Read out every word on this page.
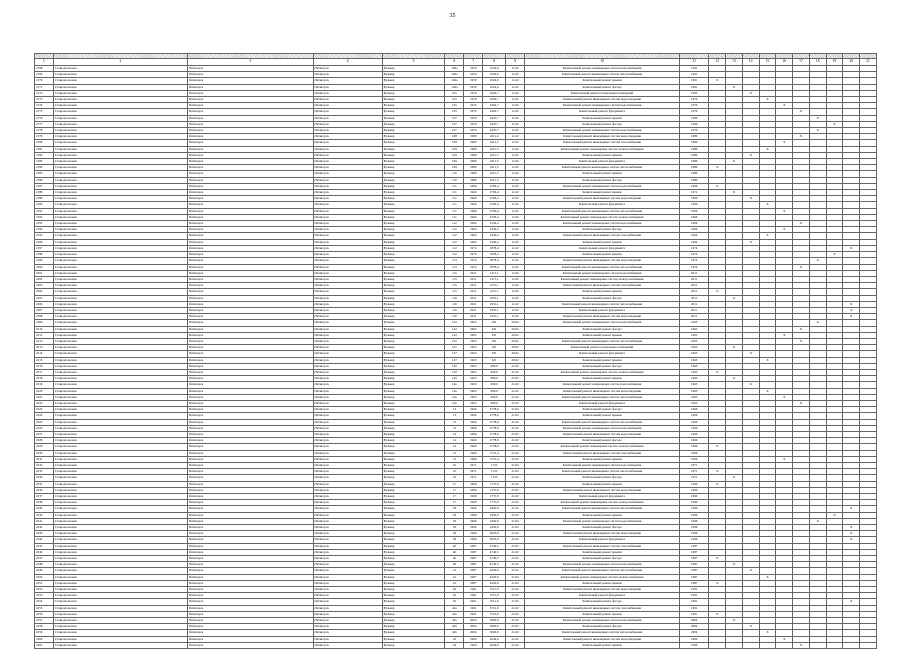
35

1	2	3	4	5	6	7	8	9	10	11	12	13	14	15	16	17	18	19	20	21
2168	Ставропольская	Пятигорск	Пятигорск	Бульвар	104а	1959	1024,6	11.02	Капитальный ремонт инженерных систем водоснабжения	1991										
2169	Ставропольская	Пятигорск	Пятигорск	Бульвар	104а	1959	1024,6	11.02	Капитальный ремонт инженерных систем теплоснабжения	1991										
2170	Ставропольская	Пятигорск	Пятигорск	Бульвар	104а	1959	1024,6	11.02	Капитальный ремонт крыши	1991	X									
2171	Ставропольская	Пятигорск	Пятигорск	Бульвар	104а	1959	1024,6	11.02	Капитальный ремонт фасада	1991		X								
2172	Ставропольская	Пятигорск	Пятигорск	Бульвар	105	1979	2402,7	11.02	Капитальный ремонт подвальных помещений	1995			X							
2173	Ставропольская	Пятигорск	Пятигорск	Бульвар	105	1979	2402,7	11.02	Капитальный ремонт инженерных систем водоотведения	1979				X						
2174	Ставропольская	Пятигорск	Пятигорск	Бульвар	105	1979	2402,7	11.02	Капитальный ремонт инженерных систем водоснабжения	1979					X					
2175	Ставропольская	Пятигорск	Пятигорск	Бульвар	105	1979	2402,7	11.02	Капитальный ремонт фундамента	1979						X				
2176	Ставропольская	Пятигорск	Пятигорск	Бульвар	107	1979	2447,7	11.02	Капитальный ремонт крыши	1996							X			
2177	Ставропольская	Пятигорск	Пятигорск	Бульвар	107	1979	2447,7	11.02	Капитальный ремонт фасада	1996								X		
2178	Ставропольская	Пятигорск	Пятигорск	Бульвар	107	1979	2447,7	11.02	Капитальный ремонт инженерных систем водоснабжения	1979							X			
2179	Ставропольская	Пятигорск	Пятигорск	Бульвар	108	1980	2211,2	11.02	Капитальный ремонт инженерных систем водоотведения	1980						X				
2180	Ставропольская	Пятигорск	Пятигорск	Бульвар	108	1980	2211,2	11.02	Капитальный ремонт инженерных систем газоснабжения	1980					X					
2181	Ставропольская	Пятигорск	Пятигорск	Бульвар	109	1980	2211,5	11.02	Капитальный ремонт инженерных систем электроснабжения	1980				X						
2182	Ставропольская	Пятигорск	Пятигорск	Бульвар	109	1980	2211,5	11.02	Капитальный ремонт крыши	1980			X							
2183	Ставропольская	Пятигорск	Пятигорск	Бульвар	109	1980	2211,5	11.02	Капитальный ремонт фундамента	1980		X								
2184	Ставропольская	Пятигорск	Пятигорск	Бульвар	109	1980	2211,5	11.02	Капитальный ремонт инженерных систем теплоснабжения	1980	X									
2185	Ставропольская	Пятигорск	Пятигорск	Бульвар	110	1980	2211,5	11.02	Капитальный ремонт крыши	1980										
2186	Ставропольская	Пятигорск	Пятигорск	Бульвар	110	1980	2211,5	11.02	Капитальный ремонт фасада	1980										
2187	Ставропольская	Пятигорск	Пятигорск	Бульвар	111	1966	2706,4	11.02	Капитальный ремонт инженерных систем водоснабжения	1966	X									
2188	Ставропольская	Пятигорск	Пятигорск	Бульвар	111	1966	2706,4	11.02	Капитальный ремонт крыши	1971		X								
2189	Ставропольская	Пятигорск	Пятигорск	Бульвар	111	1966	2706,4	11.02	Капитальный ремонт инженерных систем водоотведения	1966			X							
2190	Ставропольская	Пятигорск	Пятигорск	Бульвар	111	1966	2706,4	11.02	Капитальный ремонт фундамента	1966				X						
2191	Ставропольская	Пятигорск	Пятигорск	Бульвар	111	1966	2706,4	11.02	Капитальный ремонт инженерных систем теплоснабжения	1966					X					
2192	Ставропольская	Пятигорск	Пятигорск	Бульвар	111	1966	2706,4	11.02	Капитальный ремонт инженерных систем электроснабжения	1966										
2193	Ставропольская	Пятигорск	Пятигорск	Бульвар	112	1964	2342,2	11.02	Капитальный ремонт инженерных систем водоснабжения	1964						X				
2194	Ставропольская	Пятигорск	Пятигорск	Бульвар	112	1964	2342,2	11.02	Капитальный ремонт фасада	1964					X					
2195	Ставропольская	Пятигорск	Пятигорск	Бульвар	112	1964	2342,2	11.02	Капитальный ремонт инженерных систем газоснабжения	1964				X						
2196	Ставропольская	Пятигорск	Пятигорск	Бульвар	112	1964	2342,2	11.02	Капитальный ремонт крыши	1964			X							
2197	Ставропольская	Пятигорск	Пятигорск	Бульвар	112	1974	1878,4	11.02	Капитальный ремонт фундамента	1974									X	
2198	Ставропольская	Пятигорск	Пятигорск	Бульвар	112	1974	1878,4	11.02	Капитальный ремонт крыши	1974								X		
2199	Ставропольская	Пятигорск	Пятигорск	Бульвар	113	1974	1878,4	11.02	Капитальный ремонт инженерных систем водоотведения	1974							X			
2200	Ставропольская	Пятигорск	Пятигорск	Бульвар	113	1974	1878,4	11.02	Капитальный ремонт инженерных систем теплоснабжения	1974						X				
2201	Ставропольская	Пятигорск	Пятигорск	Бульвар	115	2011	1471,1	11.02	Капитальный ремонт инженерных систем водоснабжения	2011										
2202	Ставропольская	Пятигорск	Пятигорск	Бульвар	115	2011	1471,1	11.02	Капитальный ремонт инженерных систем электроснабжения	2011										
2203	Ставропольская	Пятигорск	Пятигорск	Бульвар	115	2011	1471,1	11.02	Капитальный ремонт инженерных систем газоснабжения	2011										
2204	Ставропольская	Пятигорск	Пятигорск	Бульвар	115	2011	1471,1	11.02	Капитальный ремонт крыши	2011	X									
2205	Ставропольская	Пятигорск	Пятигорск	Бульвар	116	2011	1931,1	11.02	Капитальный ремонт фасада	2011		X								
2206	Ставропольская	Пятигорск	Пятигорск	Бульвар	116	2011	1931,1	11.02	Капитальный ремонт инженерных систем теплоснабжения	2011									X	
2207	Ставропольская	Пятигорск	Пятигорск	Бульвар	116	2011	1931,1	11.02	Капитальный ремонт фундамента	2011									X	
2208	Ставропольская	Пятигорск	Пятигорск	Бульвар	116	2011	1931,1	11.02	Капитальный ремонт инженерных систем водоотведения	2011									X	
2209	Ставропольская	Пятигорск	Пятигорск	Бульвар	122	1965	631	20.02	Капитальный ремонт инженерных систем водоснабжения	1965							X			
2210	Ставропольская	Пятигорск	Пятигорск	Бульвар	122	1965	631	20.02	Капитальный ремонт фасада	1965						X				
2211	Ставропольская	Пятигорск	Пятигорск	Бульвар	122	1965	631	20.02	Капитальный ремонт крыши	1965					X					
2212	Ставропольская	Пятигорск	Пятигорск	Бульвар	122	1965	631	20.02	Капитальный ремонт инженерных систем теплоснабжения	1965						X				
2213	Ставропольская	Пятигорск	Пятигорск	Бульвар	127	1963	631	20.02	Капитальный ремонт подвальных помещений	1963		X								
2214	Ставропольская	Пятигорск	Пятигорск	Бульвар	127	1963	631	20.02	Капитальный ремонт фундамента	1963			X							
2215	Ставропольская	Пятигорск	Пятигорск	Бульвар	127	1963	631	20.02	Капитальный ремонт крыши	1963				X						
2216	Ставропольская	Пятигорск	Пятигорск	Бульвар	12б	1963	600,0	21.02	Капитальный ремонт фасада	1963										
2217	Ставропольская	Пятигорск	Пятигорск	Бульвар	12б	1963	600,0	21.02	Капитальный ремонт инженерных систем электроснабжения	1963	X									
2218	Ставропольская	Пятигорск	Пятигорск	Бульвар	12б	1963	600,0	21.02	Капитальный ремонт крыши	1963		X								
2219	Ставропольская	Пятигорск	Пятигорск	Бульвар	12в	1963	600,0	21.02	Капитальный ремонт инженерных систем водоснабжения	1963			X							
2220	Ставропольская	Пятигорск	Пятигорск	Бульвар	12в	1963	600,0	21.02	Капитальный ремонт инженерных систем водоотведения	1963				X						
2221	Ставропольская	Пятигорск	Пятигорск	Бульвар	12в	1963	600,0	21.02	Капитальный ремонт инженерных систем теплоснабжения	1963					X					
2222	Ставропольская	Пятигорск	Пятигорск	Бульвар	12в	1963	600,0	21.02	Капитальный ремонт фундамента	1963						X				
2223	Ставропольская	Пятигорск	Пятигорск	Бульвар	13	1966	2778,0	21.02	Капитальный ремонт фасада	1966										
2224	Ставропольская	Пятигорск	Пятигорск	Бульвар	13	1966	2778,0	21.02	Капитальный ремонт крыши	1966										
2225	Ставропольская	Пятигорск	Пятигорск	Бульвар	13	1966	2778,0	21.02	Капитальный ремонт инженерных систем теплоснабжения	1966										
2226	Ставропольская	Пятигорск	Пятигорск	Бульвар	14	1966	2778,0	21.02	Капитальный ремонт инженерных систем водоснабжения	1966										
2227	Ставропольская	Пятигорск	Пятигорск	Бульвар	14	1966	2778,0	21.02	Капитальный ремонт инженерных систем водоотведения	1966										
2228	Ставропольская	Пятигорск	Пятигорск	Бульвар	14	1966	2778,0	21.02	Капитальный ремонт фасада	1966										
2229	Ставропольская	Пятигорск	Пятигорск	Бульвар	14	1966	2778,0	21.02	Капитальный ремонт инженерных систем электроснабжения	1966	X									
2230	Ставропольская	Пятигорск	Пятигорск	Бульвар	15	1966	1721,4	21.02	Капитальный ремонт инженерных систем газоснабжения	1966										
2231	Ставропольская	Пятигорск	Пятигорск	Бульвар	15	1966	1721,4	21.02	Капитальный ремонт крыши	1966					X					
2232	Ставропольская	Пятигорск	Пятигорск	Бульвар	16	1971	1723	21.02	Капитальный ремонт инженерных систем водоснабжения	1971										
2233	Ставропольская	Пятигорск	Пятигорск	Бульвар	16	1971	1723	21.02	Капитальный ремонт инженерных систем теплоснабжения	1971	X									
2234	Ставропольская	Пятигорск	Пятигорск	Бульвар	16	1971	1723	21.02	Капитальный ремонт фасада	1971		X								
2235	Ставропольская	Пятигорск	Пятигорск	Бульвар	17	1990	1737,0	21.02	Капитальный ремонт крыши	1990	X									
2236	Ставропольская	Пятигорск	Пятигорск	Бульвар	17	1990	1737,0	21.02	Капитальный ремонт инженерных систем водоотведения	1990										
2237	Ставропольская	Пятигорск	Пятигорск	Бульвар	17	1990	1737,0	21.02	Капитальный ремонт фундамента	1990										
2238	Ставропольская	Пятигорск	Пятигорск	Бульвар	17	1990	1737,0	21.02	Капитальный ремонт инженерных систем электроснабжения	1990										
2239	Ставропольская	Пятигорск	Пятигорск	Бульвар	18	1996	2450,0	21.02	Капитальный ремонт инженерных систем теплоснабжения	1996									X	
2240	Ставропольская	Пятигорск	Пятигорск	Бульвар	18	1996	2450,0	21.02	Капитальный ремонт крыши	1996								X		
2241	Ставропольская	Пятигорск	Пятигорск	Бульвар	18	1996	2450,0	21.02	Капитальный ремонт инженерных систем водоснабжения	1996							X			
2242	Ставропольская	Пятигорск	Пятигорск	Бульвар	18	1996	2450,0	21.02	Капитальный ремонт фасада	1996									X	
2243	Ставропольская	Пятигорск	Пятигорск	Бульвар	39	1996	5025,0	21.02	Капитальный ремонт инженерных систем водоотведения	1996									X	
2244	Ставропольская	Пятигорск	Пятигорск	Бульвар	39	1996	5025,0	21.02	Капитальный ремонт фундамента	1996									X	
2245	Ставропольская	Пятигорск	Пятигорск	Бульвар	40	1987	4740,5	21.02	Капитальный ремонт инженерных систем газоснабжения	1987										
2246	Ставропольская	Пятигорск	Пятигорск	Бульвар	40	1987	4740,5	21.02	Капитальный ремонт крыши	1987										
2247	Ставропольская	Пятигорск	Пятигорск	Бульвар	40	1987	4740,5	21.02	Капитальный ремонт фасада	1987	X									
2248	Ставропольская	Пятигорск	Пятигорск	Бульвар	40	1987	4740,5	21.02	Капитальный ремонт инженерных систем водоснабжения	1987		X								
2249	Ставропольская	Пятигорск	Пятигорск	Бульвар	41	1987	4220,0	21.02	Капитальный ремонт инженерных систем теплоснабжения	1987			X							
2250	Ставропольская	Пятигорск	Пятигорск	Бульвар	41	1987	4220,0	21.02	Капитальный ремонт инженерных систем электроснабжения	1987				X						
2251	Ставропольская	Пятигорск	Пятигорск	Бульвар	41	1987	4220,0	21.02	Капитальный ремонт крыши	1987	X									
2252	Ставропольская	Пятигорск	Пятигорск	Бульвар	42	1991	3711,0	21.02	Капитальный ремонт инженерных систем водоотведения	1991										
2253	Ставропольская	Пятигорск	Пятигорск	Бульвар	42	1991	3711,0	21.02	Капитальный ремонт фундамента	1991										
2254	Ставропольская	Пятигорск	Пятигорск	Бульвар	42	1991	3711,0	21.02	Капитальный ремонт фасада	1991									X	
2255	Ставропольская	Пятигорск	Пятигорск	Бульвар	42а	1991	3721,0	21.02	Капитальный ремонт инженерных систем газоснабжения	1991										
2256	Ставропольская	Пятигорск	Пятигорск	Бульвар	42а	1991	3721,0	21.02	Капитальный ремонт крыши	1991	X									
2257	Ставропольская	Пятигорск	Пятигорск	Бульвар	42а	2004	3600,0	21.02	Капитальный ремонт инженерных систем водоснабжения	2004		X								
2258	Ставропольская	Пятигорск	Пятигорск	Бульвар	42б	2004	3600,0	21.02	Капитальный ремонт фасада	2004			X							
2259	Ставропольская	Пятигорск	Пятигорск	Бульвар	42б	2004	3600,0	21.02	Капитальный ремонт инженерных систем теплоснабжения	2004				X						
2260	Ставропольская	Пятигорск	Пятигорск	Бульвар	43	1960	2046,0	21.02	Капитальный ремонт инженерных систем водоотведения	1960					X					
2261	Ставропольская	Пятигорск	Пятигорск	Бульвар	43	1960	2046,0	21.02	Капитальный ремонт крыши	1960						X				
